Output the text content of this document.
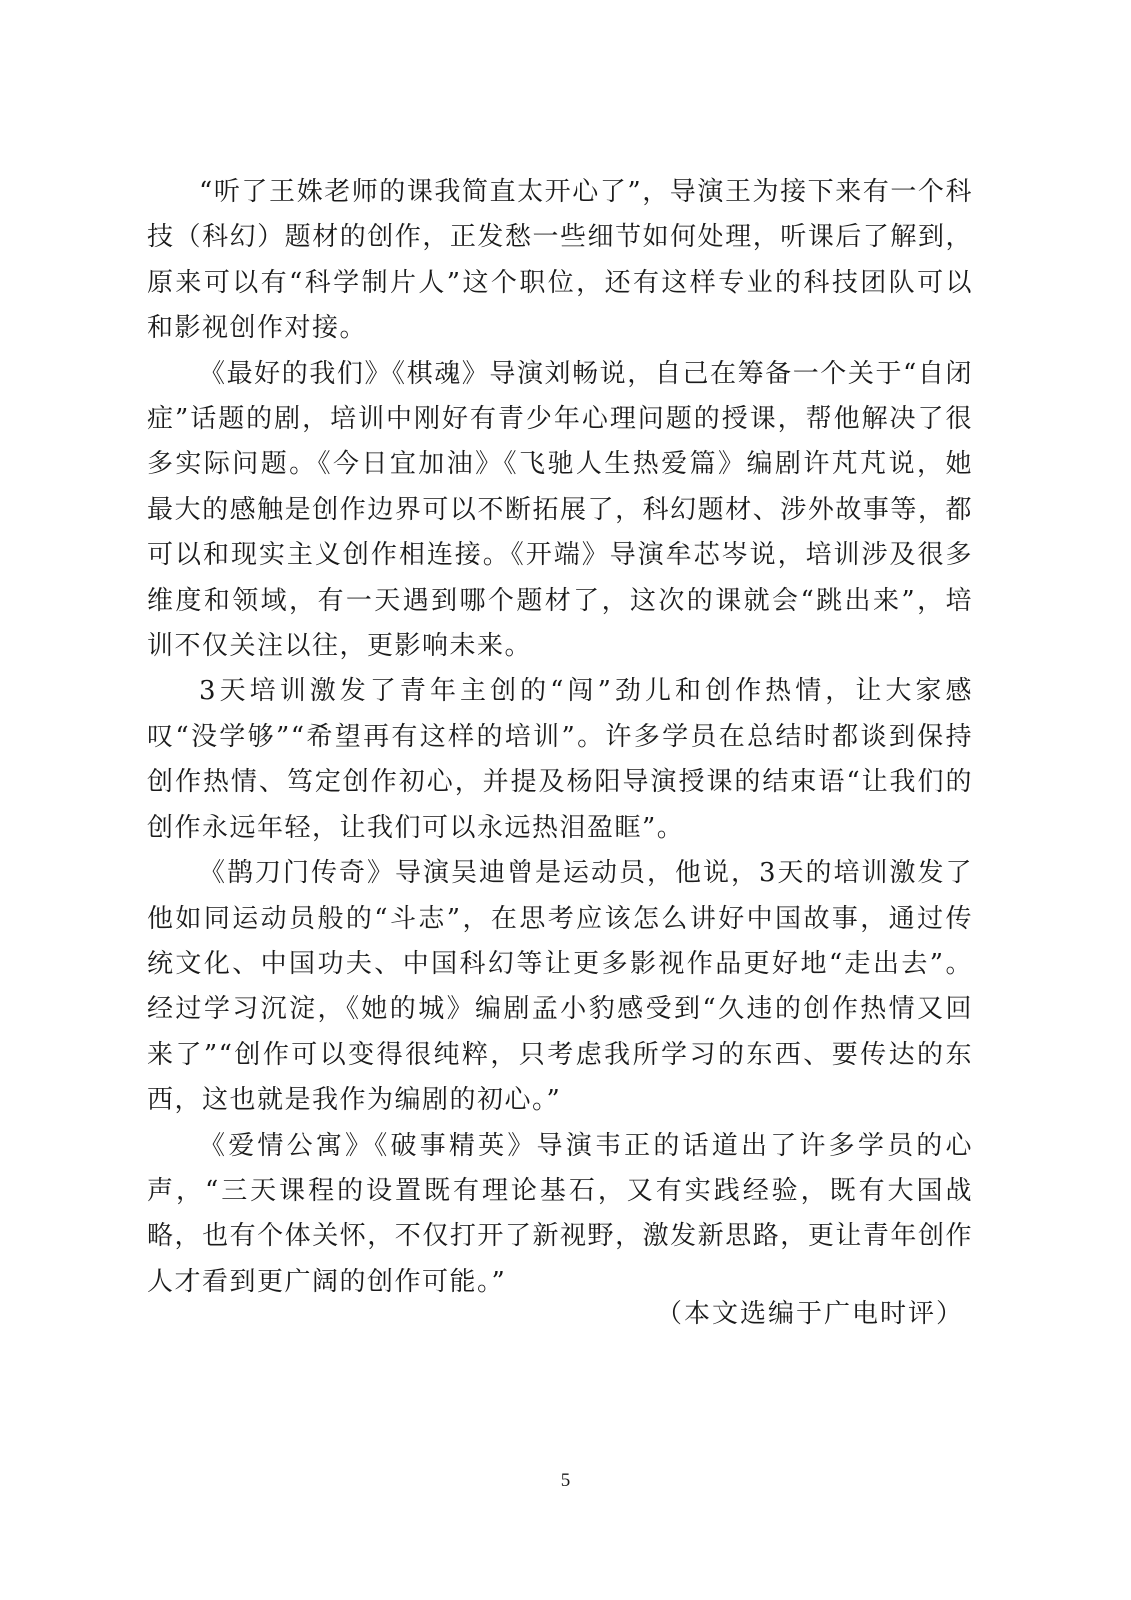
“听了王姝老师的课我简直太开心了”，导演王为接下来有一个科技（科幻）题材的创作，正发愁一些细节如何处理，听课后了解到，原来可以有“科学制片人”这个职位，还有这样专业的科技团队可以和影视创作对接。

《最好的我们》《棋魂》导演刘畅说，自己在筹备一个关于“自闭症”话题的剧，培训中刚好有青少年心理问题的授课，帮他解决了很多实际问题。《今日宜加油》《飞驰人生热爱篇》编剧许芃芃说，她最大的感触是创作边界可以不断拓展了，科幻题材、涉外故事等，都可以和现实主义创作相连接。《开端》导演牟芯岑说，培训涉及很多维度和领域，有一天遇到哪个题材了，这次的课就会“跳出来”，培训不仅关注以往，更影响未来。

3天培训激发了青年主创的“闯”劲儿和创作热情，让大家感叹“没学够”“希望再有这样的培训”。许多学员在总结时都谈到保持创作热情、笃定创作初心，并提及杨阳导演授课的结束语“让我们的创作永远年轻，让我们可以永远热泪盈眶”。

《鹊刀门传奇》导演吴迪曾是运动员，他说，3天的培训激发了他如同运动员般的“斗志”，在思考应该怎么讲好中国故事，通过传统文化、中国功夫、中国科幻等让更多影视作品更好地“走出去”。经过学习沉淀，《她的城》编剧孟小豹感受到“久违的创作热情又回来了”“创作可以变得很纯粹，只考虑我所学习的东西、要传达的东西，这也就是我作为编剧的初心。”

《爱情公寓》《破事精英》导演韦正的话道出了许多学员的心声，“三天课程的设置既有理论基石，又有实践经验，既有大国战略，也有个体关怀，不仅打开了新视野，激发新思路，更让青年创作人才看到更广阔的创作可能。”

（本文选编于广电时评）

5
